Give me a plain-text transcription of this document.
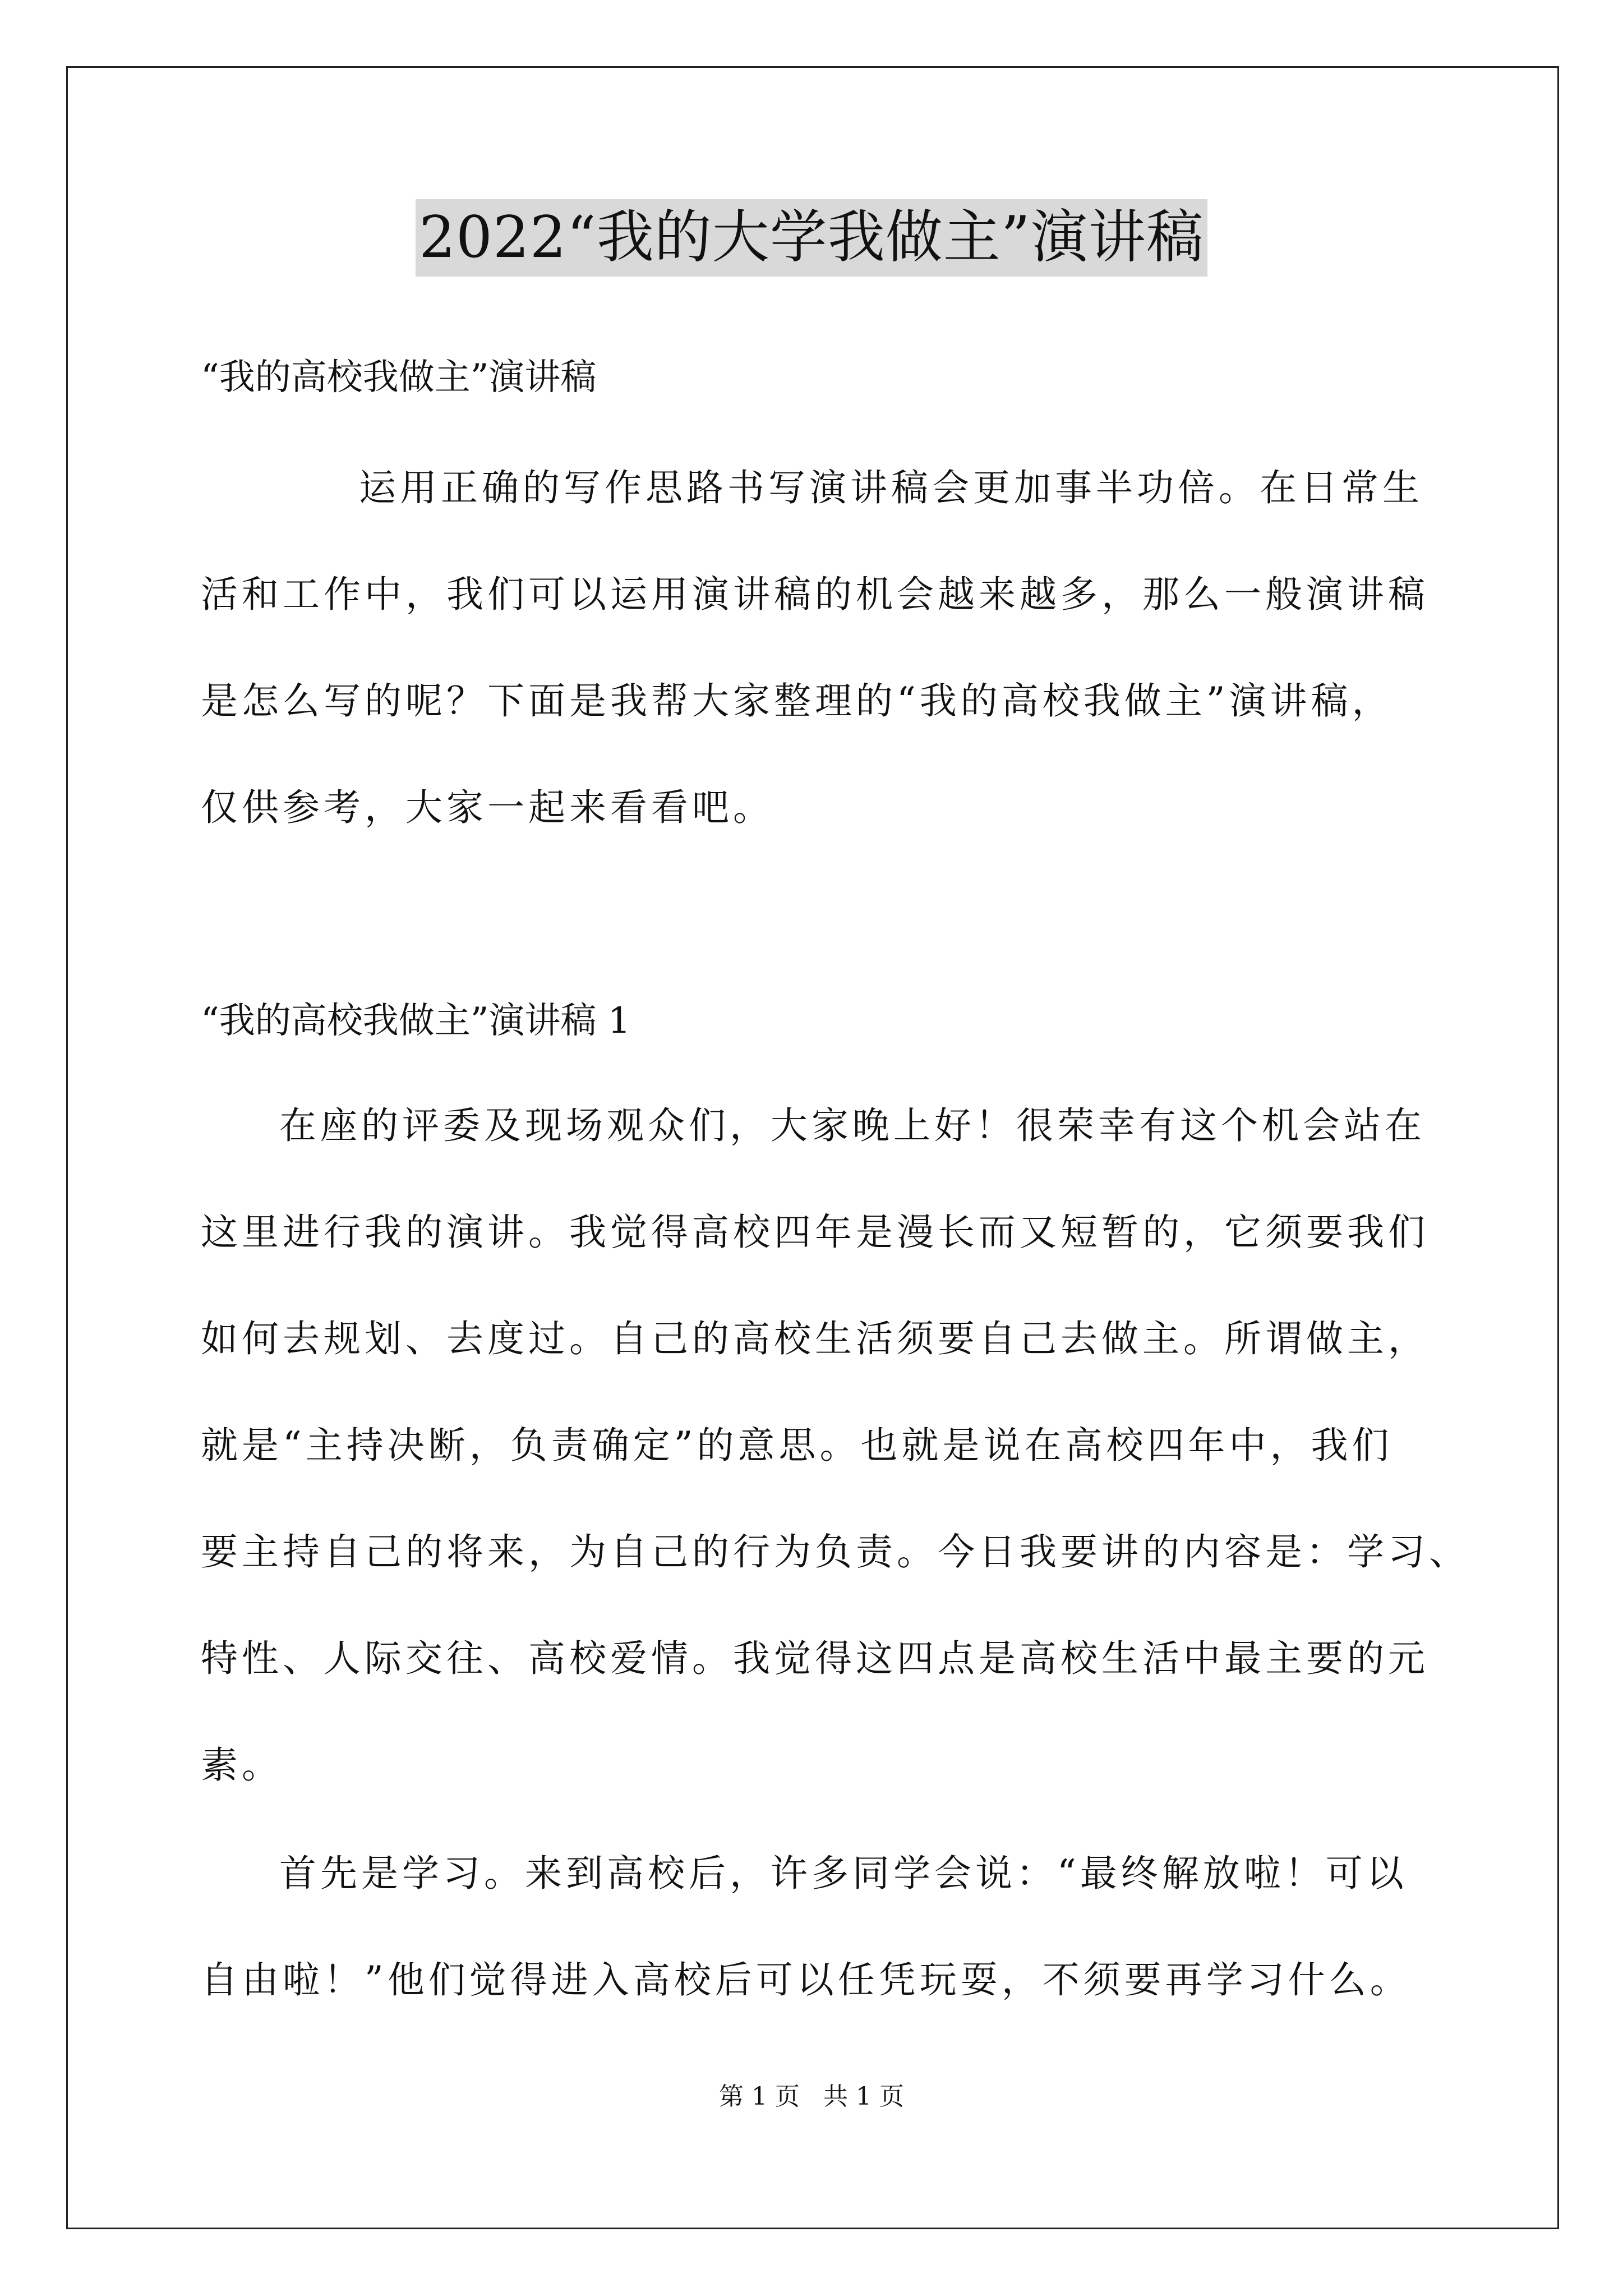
2022“我的大学我做主”演讲稿
“我的高校我做主”演讲稿
运用正确的写作思路书写演讲稿会更加事半功倍。在日常生
活和工作中，我们可以运用演讲稿的机会越来越多，那么一般演讲稿
是怎么写的呢？下面是我帮大家整理的“我的高校我做主”演讲稿，
仅供参考，大家一起来看看吧。
“我的高校我做主”演讲稿 1
在座的评委及现场观众们，大家晚上好！很荣幸有这个机会站在
这里进行我的演讲。我觉得高校四年是漫长而又短暂的，它须要我们
如何去规划、去度过。自己的高校生活须要自己去做主。所谓做主，
就是“主持决断，负责确定”的意思。也就是说在高校四年中，我们
要主持自己的将来，为自己的行为负责。今日我要讲的内容是：学习、
特性、人际交往、高校爱情。我觉得这四点是高校生活中最主要的元
素。
首先是学习。来到高校后，许多同学会说：“最终解放啦！可以
自由啦！”他们觉得进入高校后可以任凭玩耍，不须要再学习什么。
第 1 页   共 1 页
